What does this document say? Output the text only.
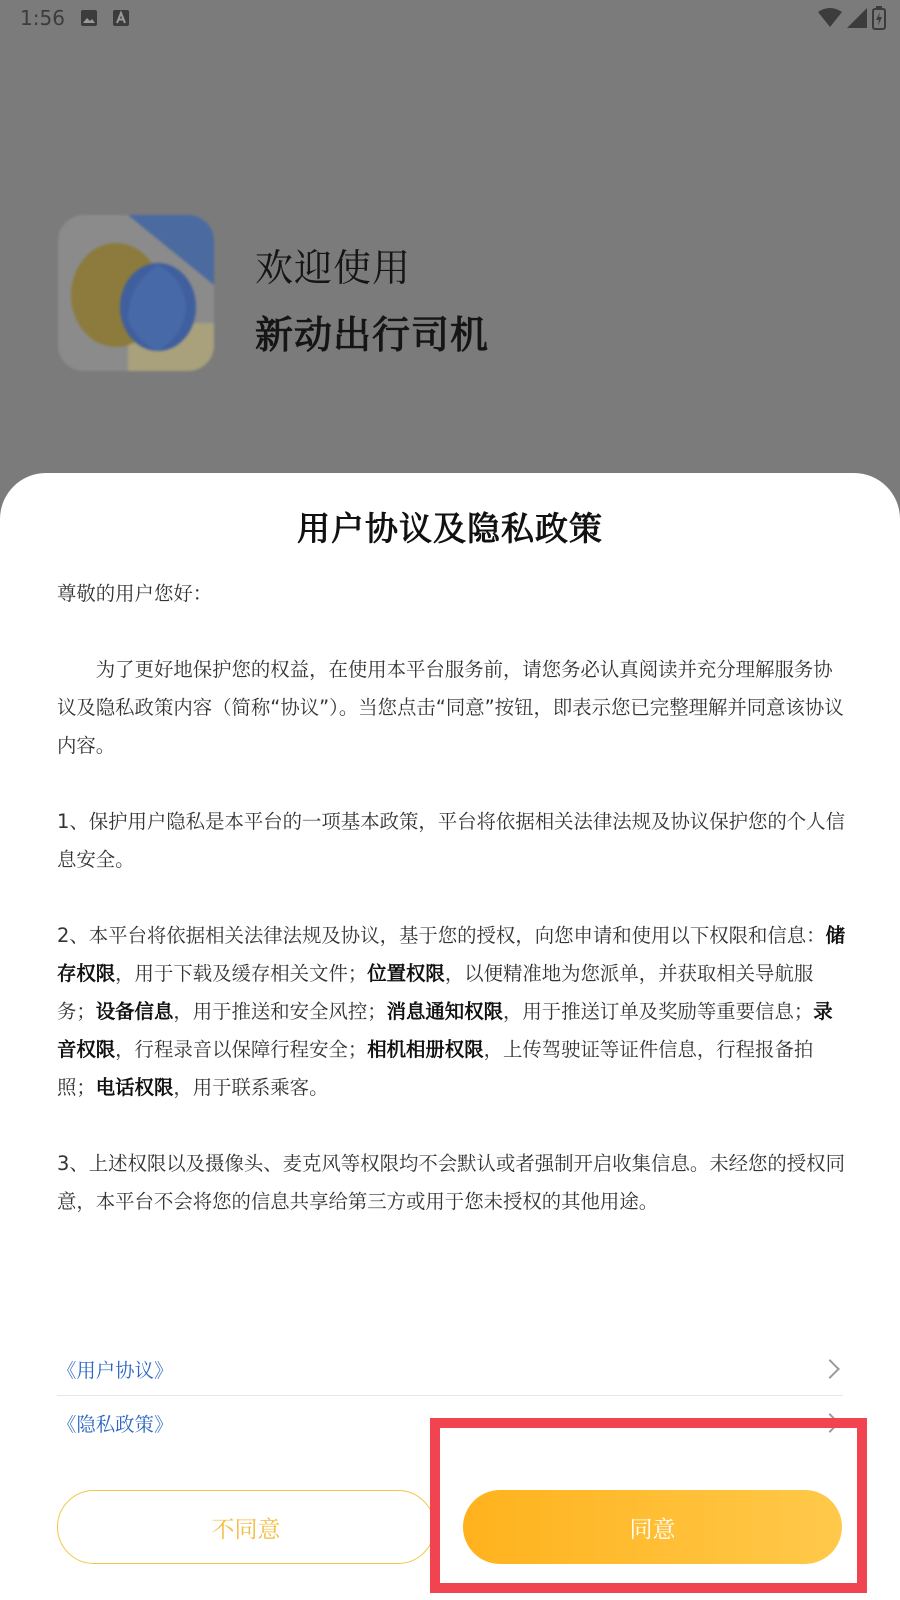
1:56
欢迎使用
新动出行司机
用户协议及隐私政策

尊敬的用户您好：

为了更好地保护您的权益，在使用本平台服务前，请您务必认真阅读并充分理解服务协议及隐私政策内容（简称“协议”）。当您点击“同意”按钮，即表示您已完整理解并同意该协议内容。

1、保护用户隐私是本平台的一项基本政策，平台将依据相关法律法规及协议保护您的个人信息安全。

2、本平台将依据相关法律法规及协议，基于您的授权，向您申请和使用以下权限和信息：储存权限，用于下载及缓存相关文件；位置权限，以便精准地为您派单，并获取相关导航服务；设备信息，用于推送和安全风控；消息通知权限，用于推送订单及奖励等重要信息；录音权限，行程录音以保障行程安全；相机相册权限，上传驾驶证等证件信息，行程报备拍照；电话权限，用于联系乘客。

3、上述权限以及摄像头、麦克风等权限均不会默认或者强制开启收集信息。未经您的授权同意，本平台不会将您的信息共享给第三方或用于您未授权的其他用途。

《用户协议》
《隐私政策》
不同意	同意
